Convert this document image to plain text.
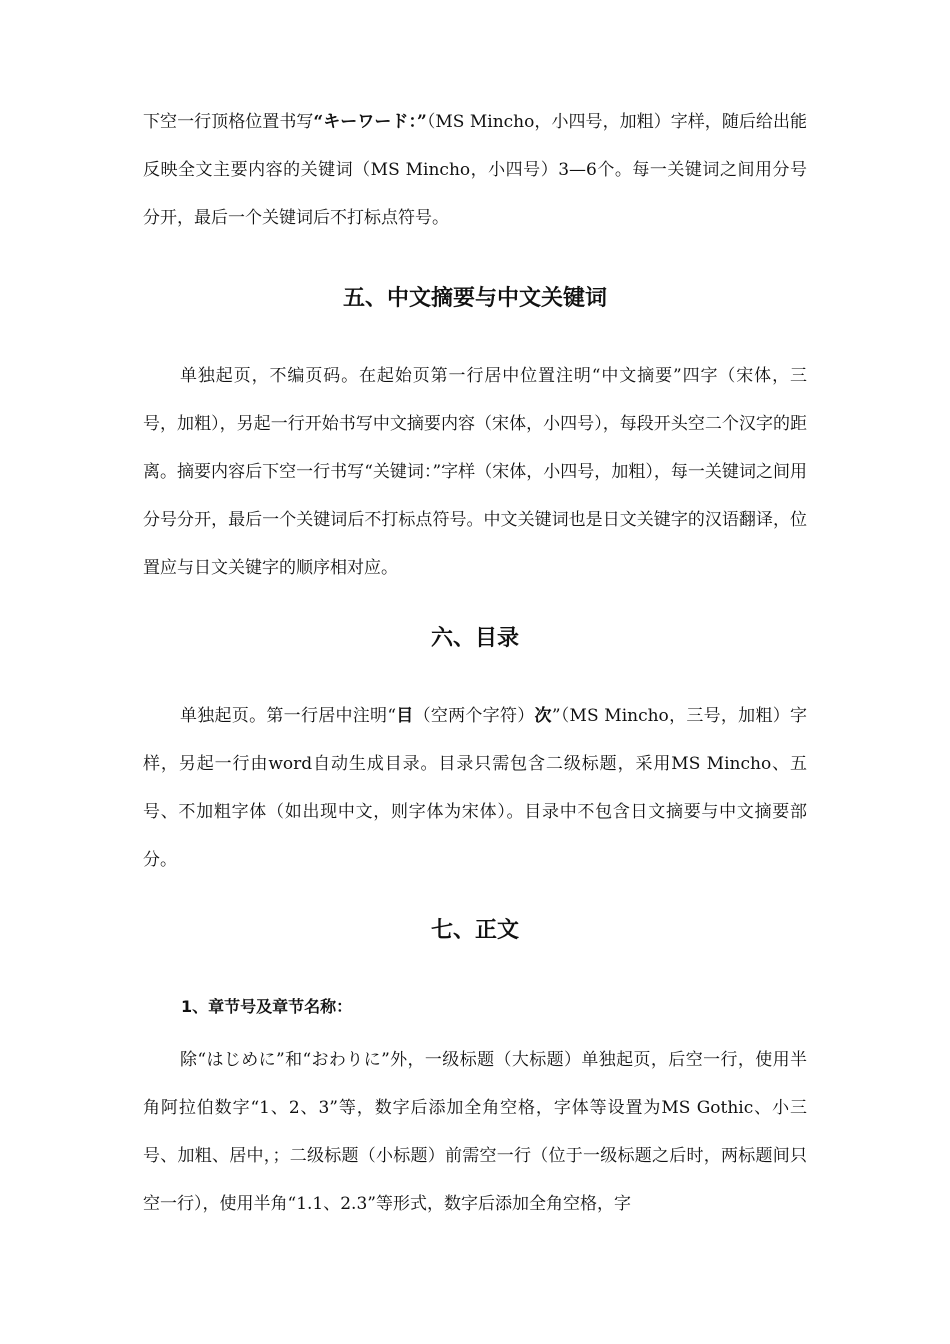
下空一行顶格位置书写“キーワード：”（MS Mincho，小四号，加粗）字样，随后给出能反映全文主要内容的关键词（MS Mincho，小四号）3—6个。每一关键词之间用分号分开，最后一个关键词后不打标点符号。

五、中文摘要与中文关键词

单独起页，不编页码。在起始页第一行居中位置注明“中文摘要”四字（宋体，三号，加粗），另起一行开始书写中文摘要内容（宋体，小四号），每段开头空二个汉字的距离。摘要内容后下空一行书写“关键词：”字样（宋体，小四号，加粗），每一关键词之间用分号分开，最后一个关键词后不打标点符号。中文关键词也是日文关键字的汉语翻译，位置应与日文关键字的顺序相对应。

六、目录

单独起页。第一行居中注明“目（空两个字符）次”（MS Mincho，三号，加粗）字样，另起一行由word自动生成目录。目录只需包含二级标题，采用MS Mincho、五号、不加粗字体（如出现中文，则字体为宋体）。目录中不包含日文摘要与中文摘要部分。

七、正文
1、章节号及章节名称：

除“はじめに”和“おわりに”外，一级标题（大标题）单独起页，后空一行，使用半角阿拉伯数字“1、2、3”等，数字后添加全角空格，字体等设置为MS Gothic、小三号、加粗、居中，；二级标题（小标题）前需空一行（位于一级标题之后时，两标题间只空一行），使用半角“1.1、2.3”等形式，数字后添加全角空格，字
